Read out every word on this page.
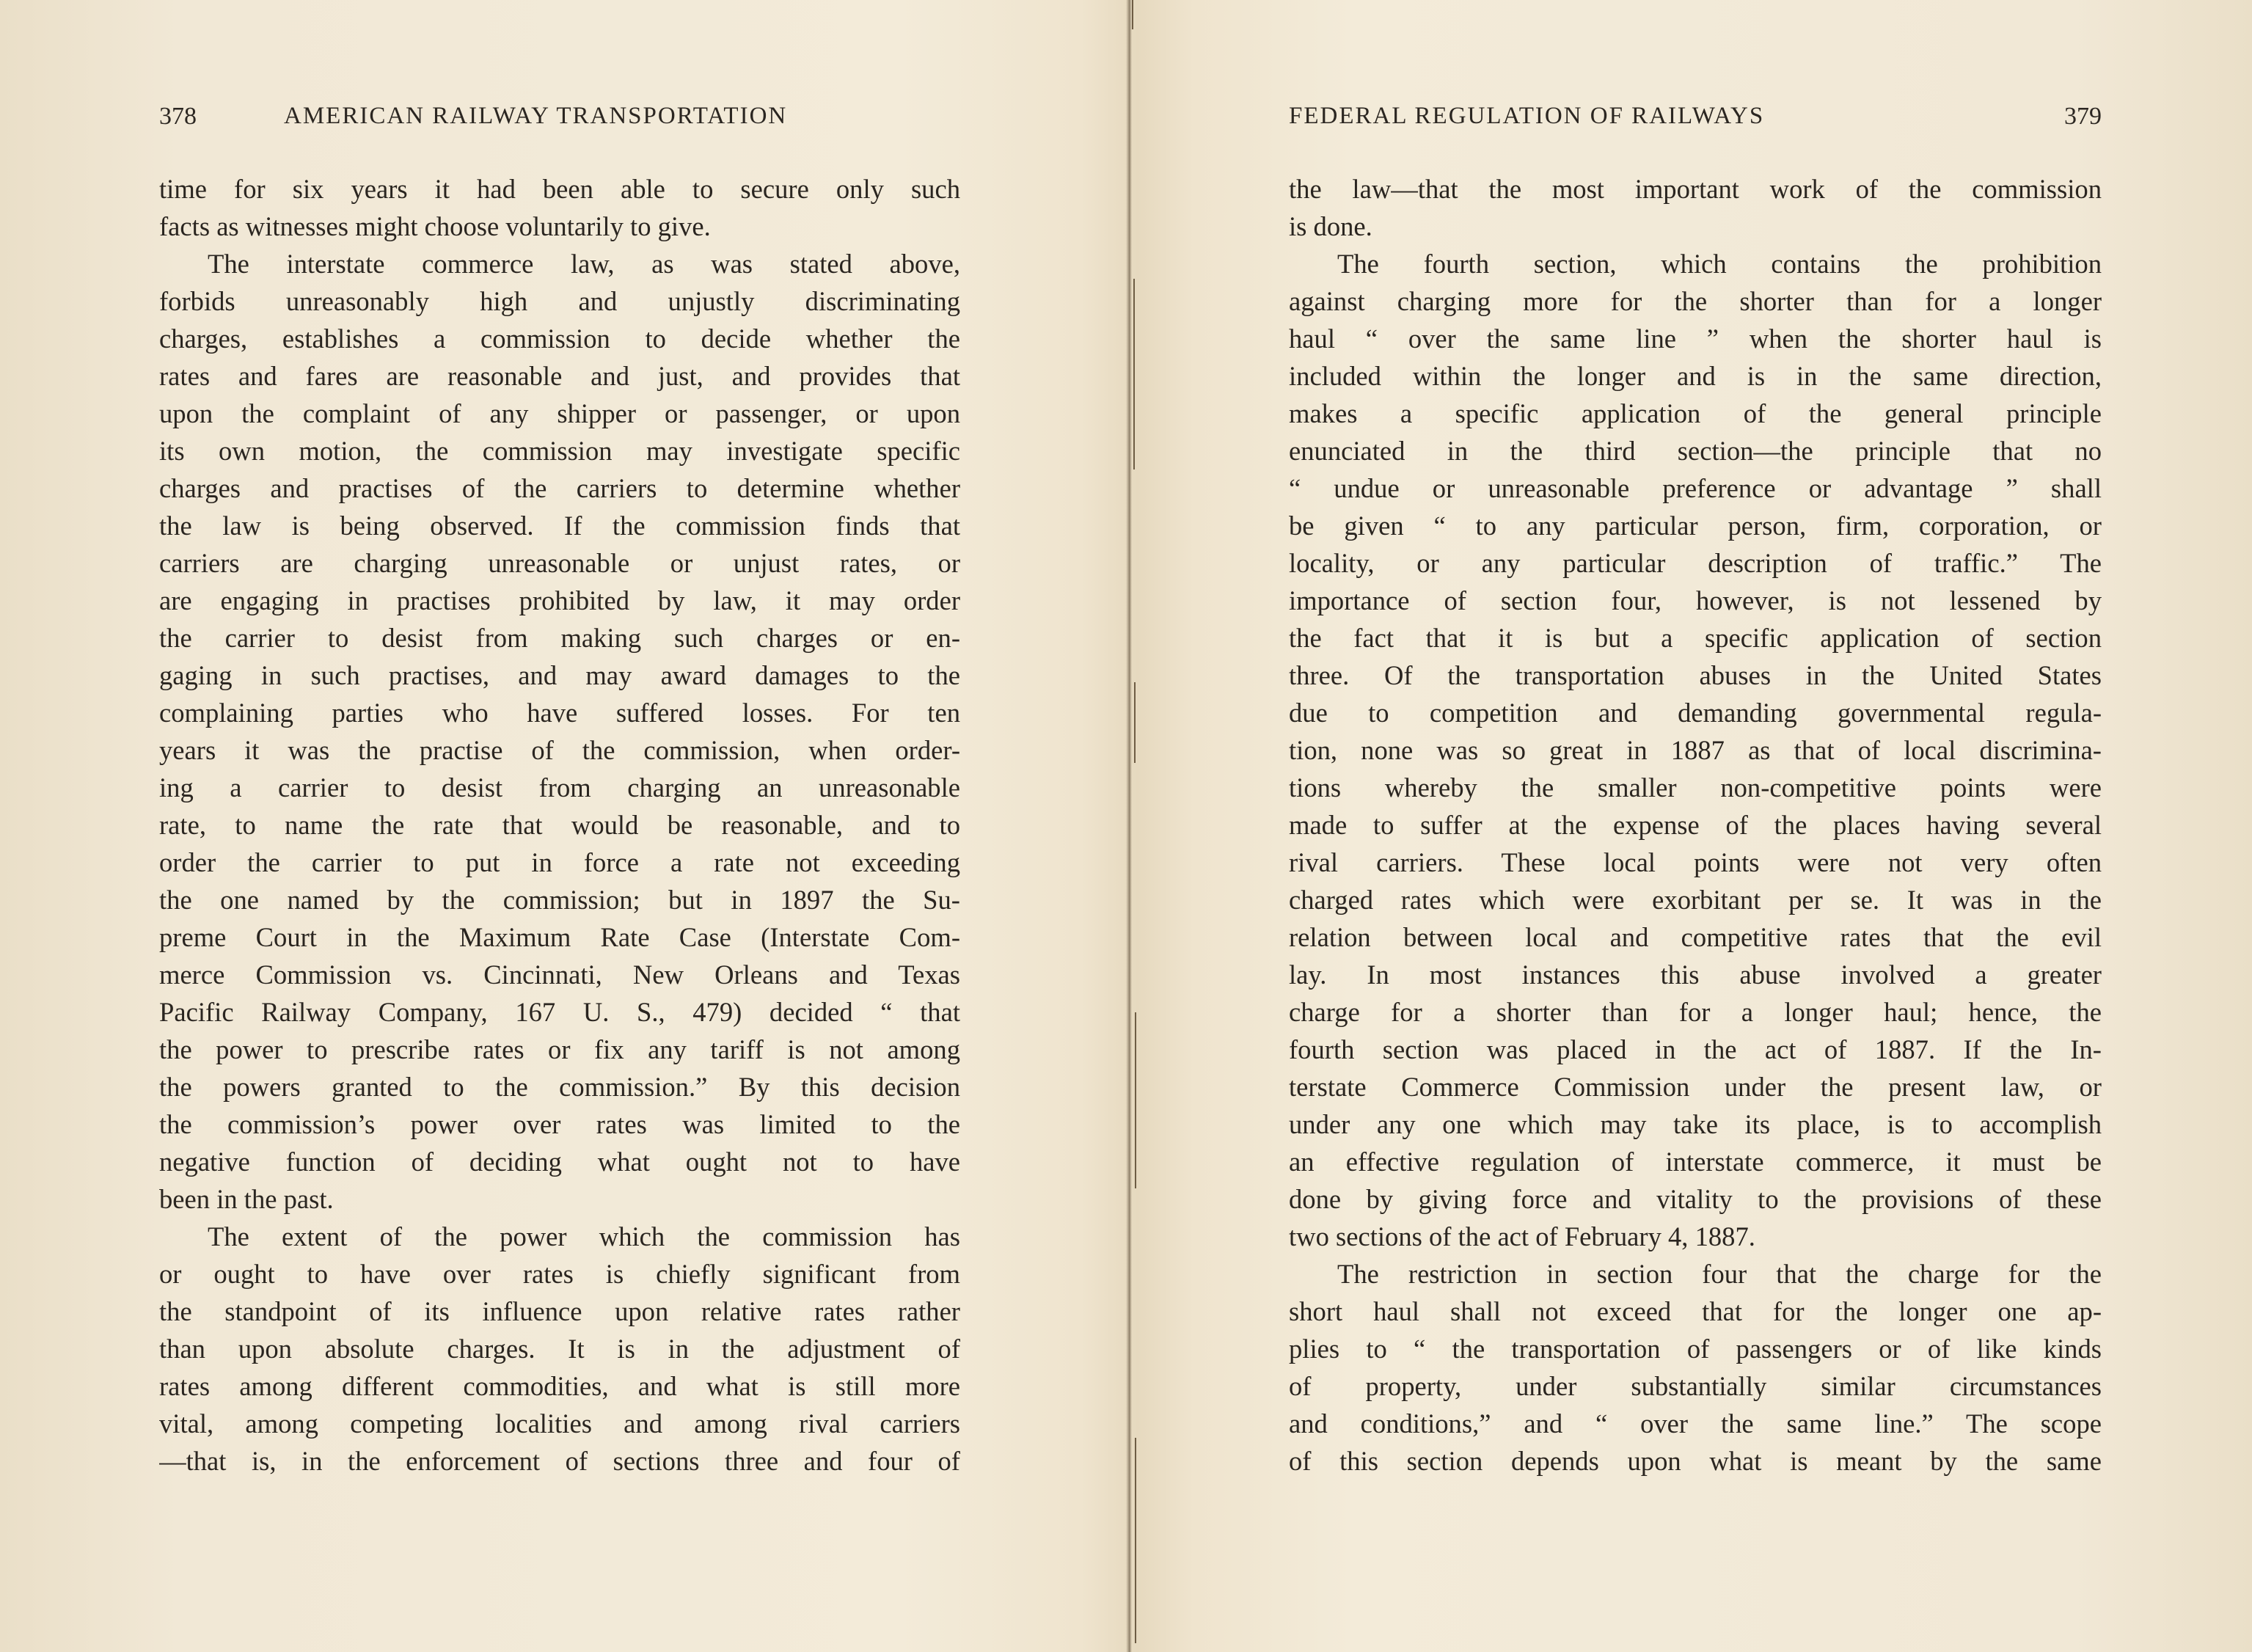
378	AMERICAN RAILWAY TRANSPORTATION
time for six years it had been able to secure only such
facts as witnesses might choose voluntarily to give.
The interstate commerce law, as was stated above,
forbids unreasonably high and unjustly discriminating
charges, establishes a commission to decide whether the
rates and fares are reasonable and just, and provides that
upon the complaint of any shipper or passenger, or upon
its own motion, the commission may investigate specific
charges and practises of the carriers to determine whether
the law is being observed. If the commission finds that
carriers are charging unreasonable or unjust rates, or
are engaging in practises prohibited by law, it may order
the carrier to desist from making such charges or en-
gaging in such practises, and may award damages to the
complaining parties who have suffered losses. For ten
years it was the practise of the commission, when order-
ing a carrier to desist from charging an unreasonable
rate, to name the rate that would be reasonable, and to
order the carrier to put in force a rate not exceeding
the one named by the commission; but in 1897 the Su-
preme Court in the Maximum Rate Case (Interstate Com-
merce Commission vs. Cincinnati, New Orleans and Texas
Pacific Railway Company, 167 U. S., 479) decided “ that
the power to prescribe rates or fix any tariff is not among
the powers granted to the commission.” By this decision
the commission’s power over rates was limited to the
negative function of deciding what ought not to have
been in the past.
The extent of the power which the commission has
or ought to have over rates is chiefly significant from
the standpoint of its influence upon relative rates rather
than upon absolute charges. It is in the adjustment of
rates among different commodities, and what is still more
vital, among competing localities and among rival carriers
—that is, in the enforcement of sections three and four of
FEDERAL REGULATION OF RAILWAYS	379
the law—that the most important work of the commission
is done.
The fourth section, which contains the prohibition
against charging more for the shorter than for a longer
haul “ over the same line ” when the shorter haul is
included within the longer and is in the same direction,
makes a specific application of the general principle
enunciated in the third section—the principle that no
“ undue or unreasonable preference or advantage ” shall
be given “ to any particular person, firm, corporation, or
locality, or any particular description of traffic.” The
importance of section four, however, is not lessened by
the fact that it is but a specific application of section
three. Of the transportation abuses in the United States
due to competition and demanding governmental regula-
tion, none was so great in 1887 as that of local discrimina-
tions whereby the smaller non-competitive points were
made to suffer at the expense of the places having several
rival carriers. These local points were not very often
charged rates which were exorbitant per se. It was in the
relation between local and competitive rates that the evil
lay. In most instances this abuse involved a greater
charge for a shorter than for a longer haul; hence, the
fourth section was placed in the act of 1887. If the In-
terstate Commerce Commission under the present law, or
under any one which may take its place, is to accomplish
an effective regulation of interstate commerce, it must be
done by giving force and vitality to the provisions of these
two sections of the act of February 4, 1887.
The restriction in section four that the charge for the
short haul shall not exceed that for the longer one ap-
plies to “ the transportation of passengers or of like kinds
of property, under substantially similar circumstances
and conditions,” and “ over the same line.” The scope
of this section depends upon what is meant by the same
